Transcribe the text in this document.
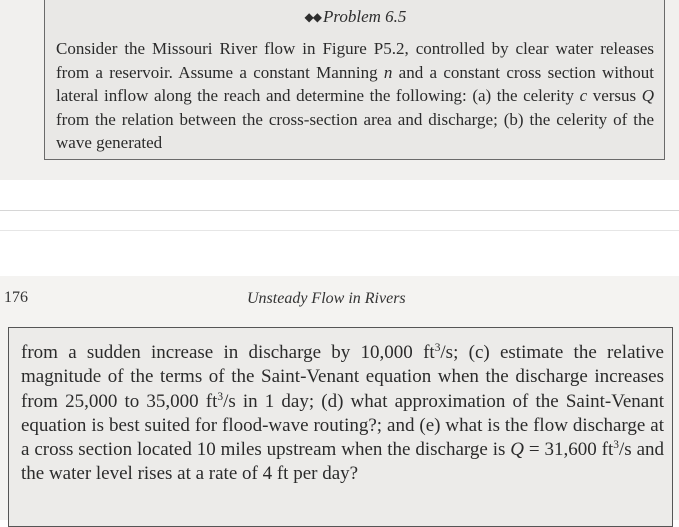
◆◆ Problem 6.5
Consider the Missouri River flow in Figure P5.2, controlled by clear water releases from a reservoir. Assume a constant Manning n and a constant cross section without lateral inflow along the reach and determine the following: (a) the celerity c versus Q from the relation between the cross-section area and discharge; (b) the celerity of the wave generated
176	Unsteady Flow in Rivers
from a sudden increase in discharge by 10,000 $ft^3/s$; (c) estimate the relative magnitude of the terms of the Saint-Venant equation when the discharge increases from 25,000 to 35,000 $ft^3/s$ in 1 day; (d) what approximation of the Saint-Venant equation is best suited for flood-wave routing?; and (e) what is the flow discharge at a cross section located 10 miles upstream when the discharge is Q = 31,600 $ft^3/s$ and the water level rises at a rate of 4 ft per day?
